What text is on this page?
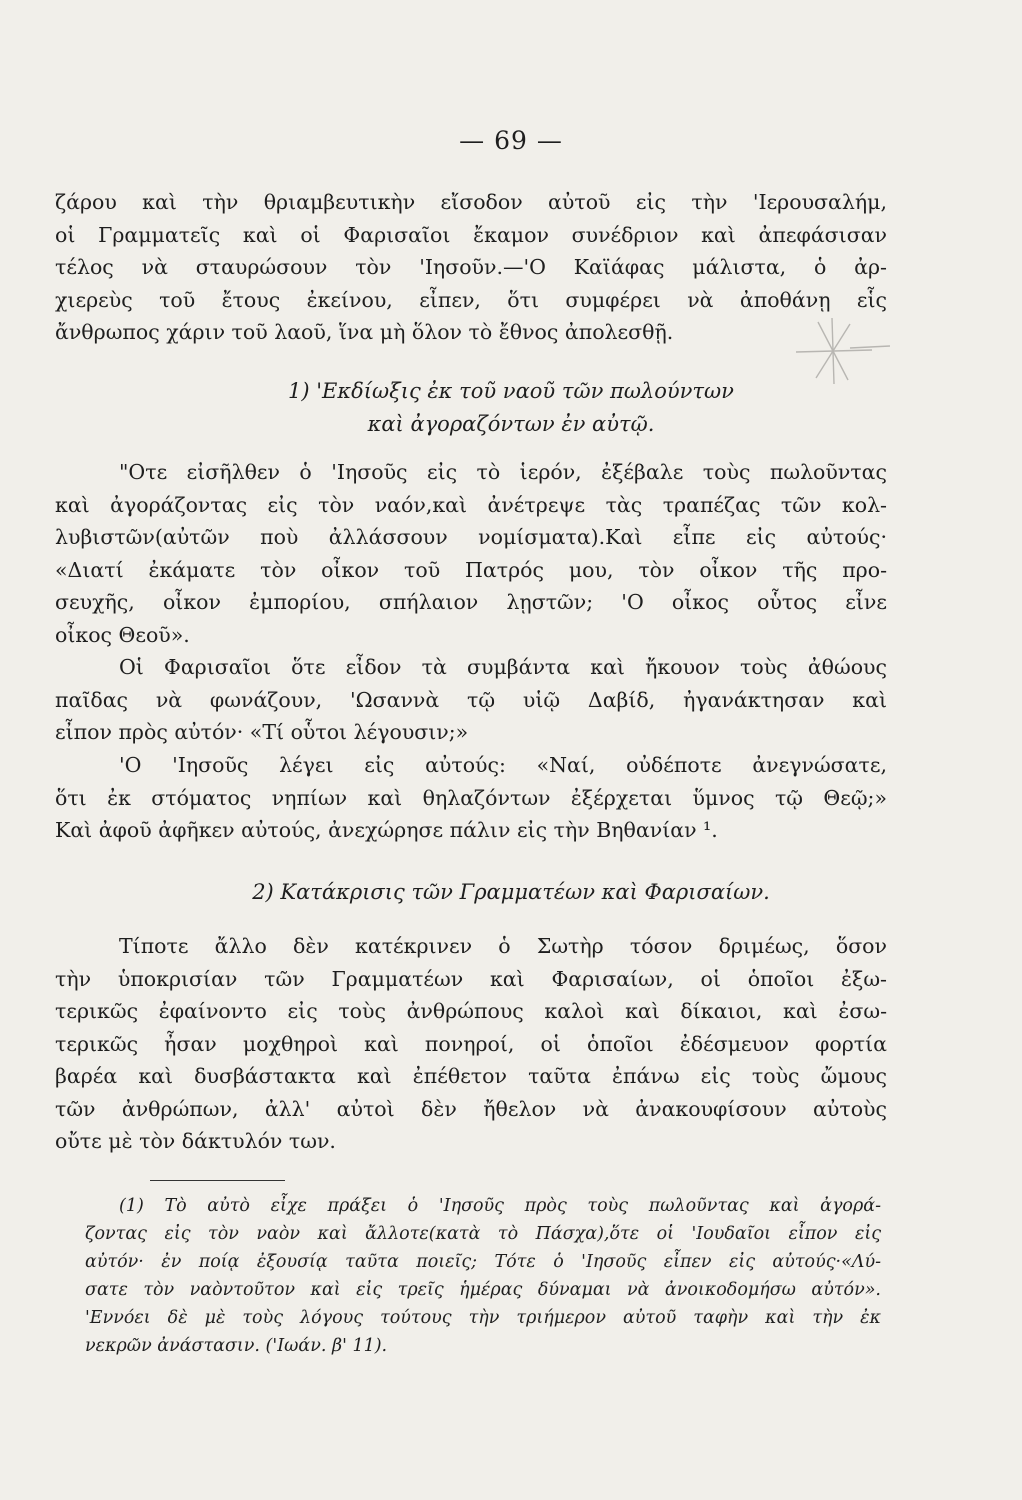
— 69 —
ζάρου καὶ τὴν θριαμβευτικὴν εἴσοδον αὐτοῦ εἰς τὴν 'Ιερουσαλήμ,
οἱ Γραμματεῖς καὶ οἱ Φαρισαῖοι ἔκαμον συνέδριον καὶ ἀπεφάσισαν
τέλος νὰ σταυρώσουν τὸν 'Ιησοῦν.—'Ο Καϊάφας μάλιστα, ὁ ἀρ-
χιερεὺς τοῦ ἔτους ἐκείνου, εἶπεν, ὅτι συμφέρει νὰ ἀποθάνῃ εἷς
ἄνθρωπος χάριν τοῦ λαοῦ, ἵνα μὴ ὅλον τὸ ἔθνος ἀπολεσθῇ.
1) 'Εκδίωξις ἐκ τοῦ ναοῦ τῶν πωλούντων
καὶ ἀγοραζόντων ἐν αὐτῷ.
"Οτε εἰσῆλθεν ὁ 'Ιησοῦς εἰς τὸ ἱερόν, ἐξέβαλε τοὺς πωλοῦντας
καὶ ἀγοράζοντας εἰς τὸν ναόν,καὶ ἀνέτρεψε τὰς τραπέζας τῶν κολ-
λυβιστῶν(αὐτῶν ποὺ ἀλλάσσουν νομίσματα).Καὶ εἶπε εἰς αὐτούς·
«Διατί ἐκάματε τὸν οἶκον τοῦ Πατρός μου, τὸν οἶκον τῆς προ-
σευχῆς, οἶκον ἐμπορίου, σπήλαιον λῃστῶν; 'Ο οἶκος οὗτος εἶνε
οἶκος Θεοῦ».
Οἱ Φαρισαῖοι ὅτε εἶδον τὰ συμβάντα καὶ ἤκουον τοὺς ἀθώους
παῖδας νὰ φωνάζουν, 'Ωσαννὰ τῷ υἱῷ Δαβίδ, ἠγανάκτησαν καὶ
εἶπον πρὸς αὐτόν· «Τί οὗτοι λέγουσιν;»
'Ο 'Ιησοῦς λέγει εἰς αὐτούς: «Ναί, οὐδέποτε ἀνεγνώσατε,
ὅτι ἐκ στόματος νηπίων καὶ θηλαζόντων ἐξέρχεται ὕμνος τῷ Θεῷ;»
Καὶ ἀφοῦ ἀφῆκεν αὐτούς, ἀνεχώρησε πάλιν εἰς τὴν Βηθανίαν ¹.
2) Κατάκρισις τῶν Γραμματέων καὶ Φαρισαίων.
Τίποτε ἄλλο δὲν κατέκρινεν ὁ Σωτὴρ τόσον δριμέως, ὅσον
τὴν ὑποκρισίαν τῶν Γραμματέων καὶ Φαρισαίων, οἱ ὁποῖοι ἐξω-
τερικῶς ἐφαίνοντο εἰς τοὺς ἀνθρώπους καλοὶ καὶ δίκαιοι, καὶ ἐσω-
τερικῶς ἦσαν μοχθηροὶ καὶ πονηροί, οἱ ὁποῖοι ἐδέσμευον φορτία
βαρέα καὶ δυσβάστακτα καὶ ἐπέθετον ταῦτα ἐπάνω εἰς τοὺς ὤμους
τῶν ἀνθρώπων, ἀλλ' αὐτοὶ δὲν ἤθελον νὰ ἀνακουφίσουν αὐτοὺς
οὔτε μὲ τὸν δάκτυλόν των.
(1) Τὸ αὐτὸ εἶχε πράξει ὁ 'Ιησοῦς πρὸς τοὺς πωλοῦντας καὶ ἀγορά-
ζοντας εἰς τὸν ναὸν καὶ ἄλλοτε(κατὰ τὸ Πάσχα),ὅτε οἱ 'Ιουδαῖοι εἶπον εἰς
αὐτόν· ἐν ποίᾳ ἐξουσίᾳ ταῦτα ποιεῖς; Τότε ὁ 'Ιησοῦς εἶπεν εἰς αὐτούς·«Λύ-
σατε τὸν ναὸντοῦτον καὶ εἰς τρεῖς ἡμέρας δύναμαι νὰ ἀνοικοδομήσω αὐτόν».
'Εννόει δὲ μὲ τοὺς λόγους τούτους τὴν τριήμερον αὐτοῦ ταφὴν καὶ τὴν ἐκ
νεκρῶν ἀνάστασιν. ('Ιωάν. β' 11).
